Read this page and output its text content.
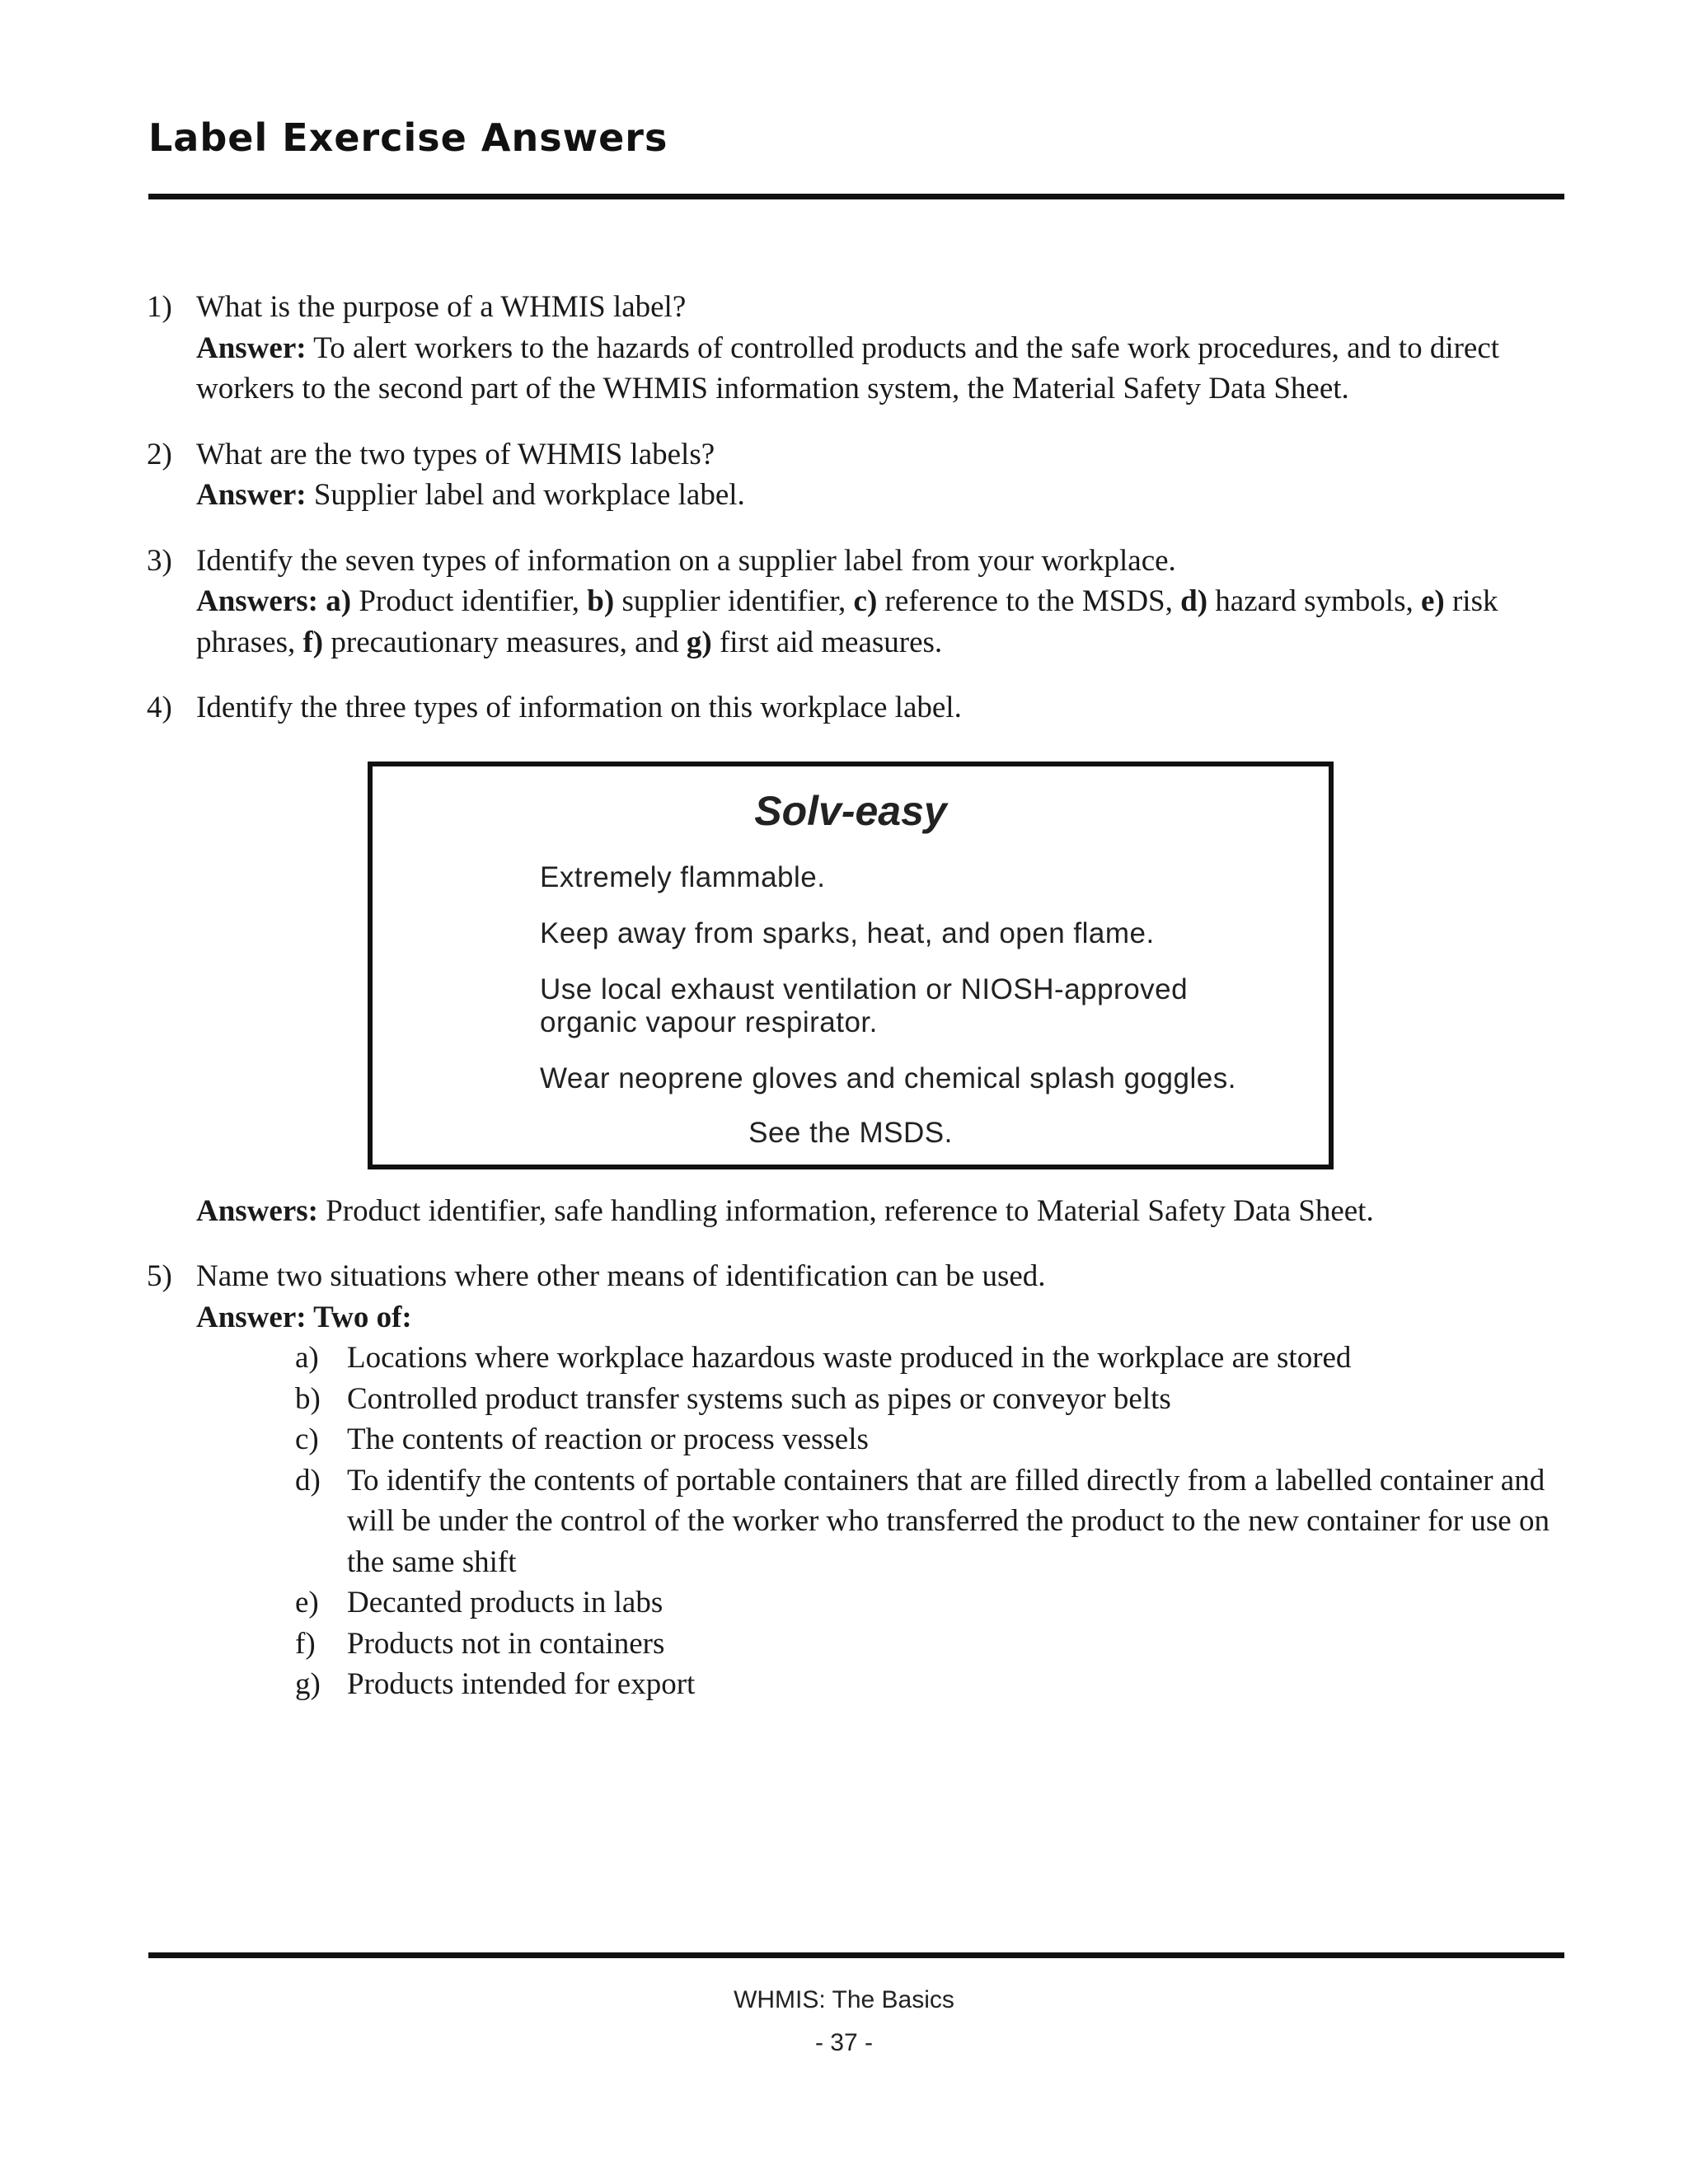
Label Exercise Answers
1) What is the purpose of a WHMIS label?
Answer: To alert workers to the hazards of controlled products and the safe work procedures, and to direct workers to the second part of the WHMIS information system, the Material Safety Data Sheet.
2) What are the two types of WHMIS labels?
Answer: Supplier label and workplace label.
3) Identify the seven types of information on a supplier label from your workplace.
Answers: a) Product identifier, b) supplier identifier, c) reference to the MSDS, d) hazard symbols, e) risk phrases, f) precautionary measures, and g) first aid measures.
4) Identify the three types of information on this workplace label.
Solv-easy
Extremely flammable.
Keep away from sparks, heat, and open flame.
Use local exhaust ventilation or NIOSH-approved
organic vapour respirator.
Wear neoprene gloves and chemical splash goggles.
See the MSDS.
Answers: Product identifier, safe handling information, reference to Material Safety Data Sheet.
5) Name two situations where other means of identification can be used.
Answer: Two of:
a) Locations where workplace hazardous waste produced in the workplace are stored
b) Controlled product transfer systems such as pipes or conveyor belts
c) The contents of reaction or process vessels
d) To identify the contents of portable containers that are filled directly from a labelled container and will be under the control of the worker who transferred the product to the new container for use on the same shift
e) Decanted products in labs
f)	Products not in containers
g) Products intended for export
WHMIS: The Basics
- 37 -
